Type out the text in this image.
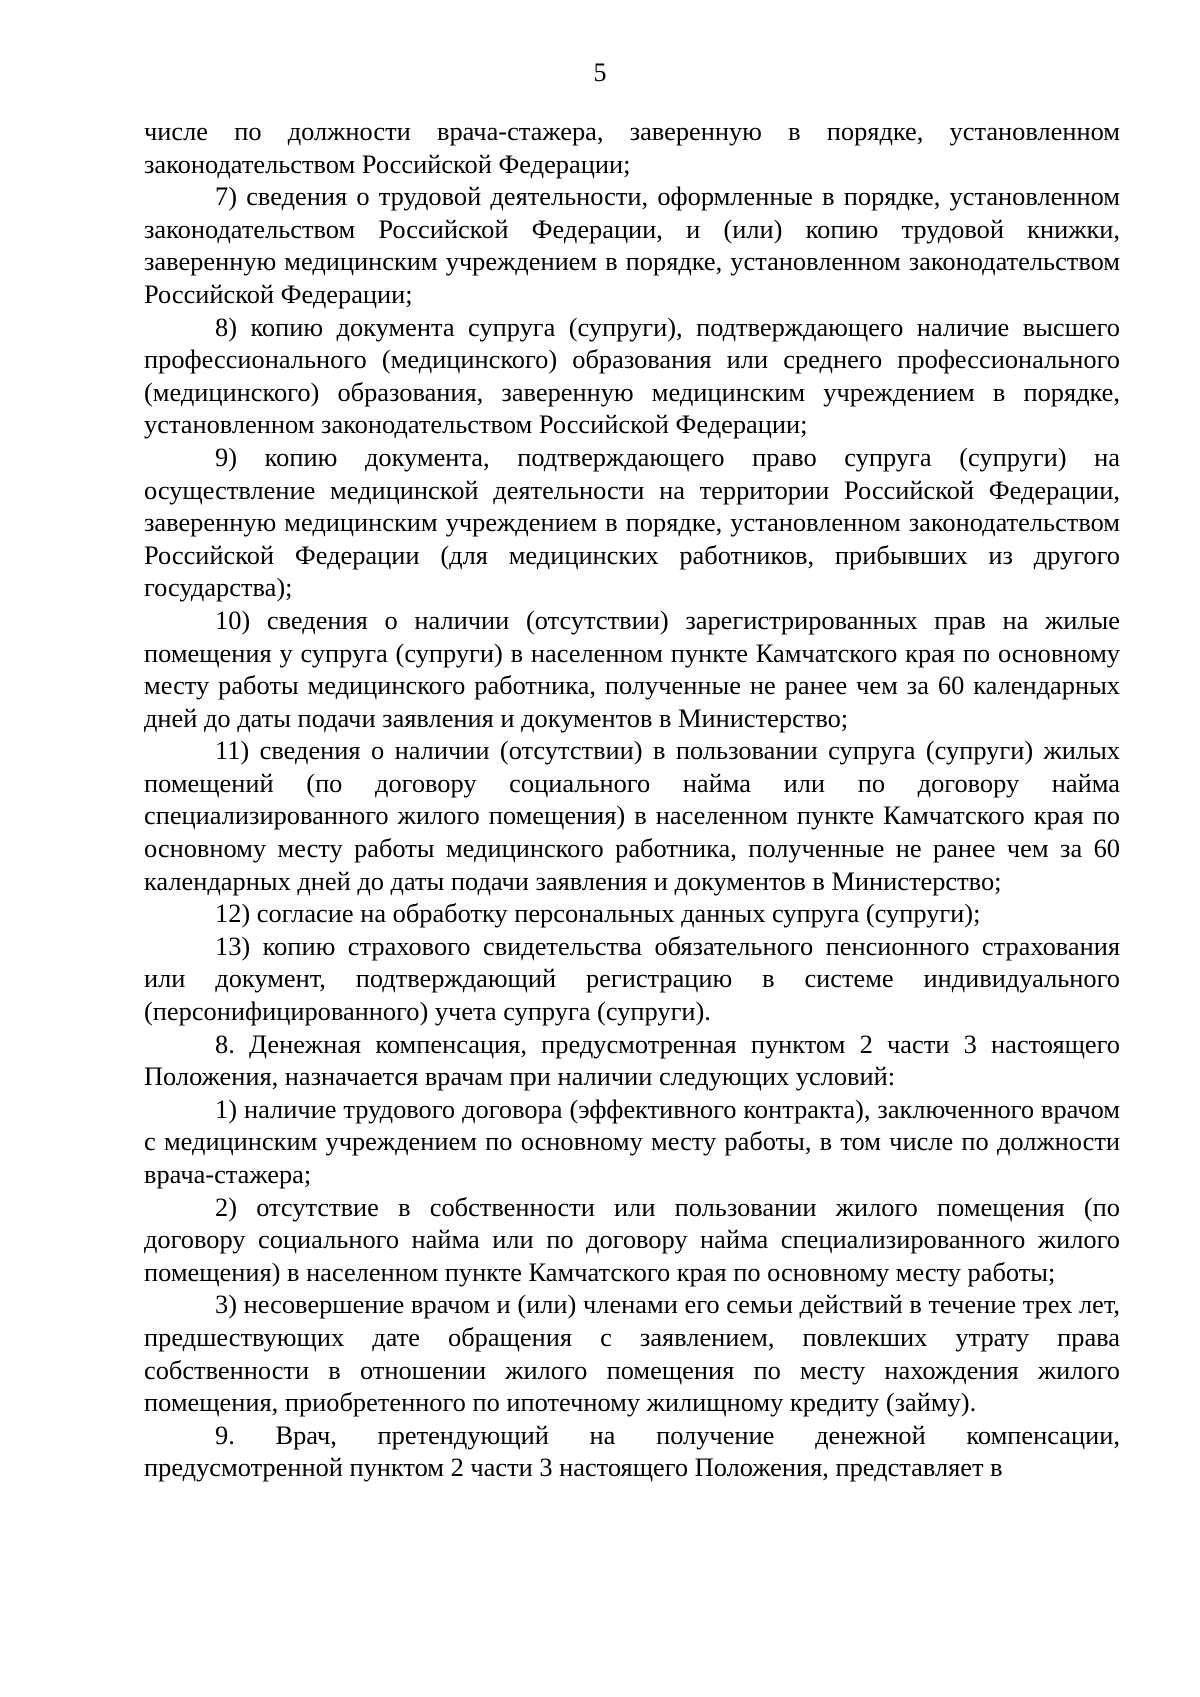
5

числе по должности врача-стажера, заверенную в порядке, установленном законодательством Российской Федерации;

7) сведения о трудовой деятельности, оформленные в порядке, установленном законодательством Российской Федерации, и (или) копию трудовой книжки, заверенную медицинским учреждением в порядке, установленном законодательством Российской Федерации;

8) копию документа супруга (супруги), подтверждающего наличие высшего профессионального (медицинского) образования или среднего профессионального (медицинского) образования, заверенную медицинским учреждением в порядке, установленном законодательством Российской Федерации;

9) копию документа, подтверждающего право супруга (супруги) на осуществление медицинской деятельности на территории Российской Федерации, заверенную медицинским учреждением в порядке, установленном законодательством Российской Федерации (для медицинских работников, прибывших из другого государства);

10) сведения о наличии (отсутствии) зарегистрированных прав на жилые помещения у супруга (супруги) в населенном пункте Камчатского края по основному месту работы медицинского работника, полученные не ранее чем за 60 календарных дней до даты подачи заявления и документов в Министерство;

11) сведения о наличии (отсутствии) в пользовании супруга (супруги) жилых помещений (по договору социального найма или по договору найма специализированного жилого помещения) в населенном пункте Камчатского края по основному месту работы медицинского работника, полученные не ранее чем за 60 календарных дней до даты подачи заявления и документов в Министерство;

12) согласие на обработку персональных данных супруга (супруги);

13) копию страхового свидетельства обязательного пенсионного страхования или документ, подтверждающий регистрацию в системе индивидуального (персонифицированного) учета супруга (супруги).

8. Денежная компенсация, предусмотренная пунктом 2 части 3 настоящего Положения, назначается врачам при наличии следующих условий:

1) наличие трудового договора (эффективного контракта), заключенного врачом с медицинским учреждением по основному месту работы, в том числе по должности врача-стажера;

2) отсутствие в собственности или пользовании жилого помещения (по договору социального найма или по договору найма специализированного жилого помещения) в населенном пункте Камчатского края по основному месту работы;

3) несовершение врачом и (или) членами его семьи действий в течение трех лет, предшествующих дате обращения с заявлением, повлекших утрату права собственности в отношении жилого помещения по месту нахождения жилого помещения, приобретенного по ипотечному жилищному кредиту (займу).

9. Врач, претендующий на получение денежной компенсации, предусмотренной пунктом 2 части 3 настоящего Положения, представляет в
